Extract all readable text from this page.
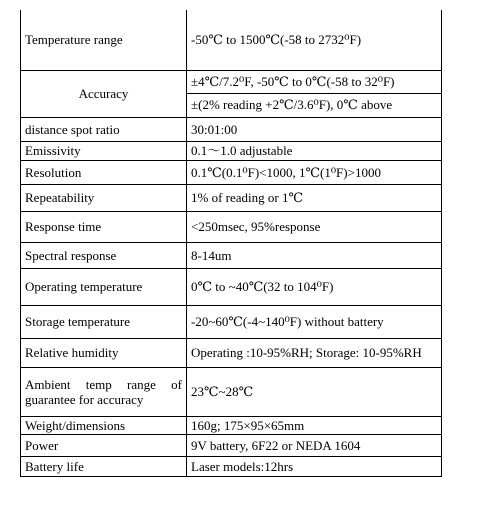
Temperature range	-50℃ to 1500℃(-58 to 2732⁰F)
Accuracy	±4℃/7.2⁰F, -50℃ to 0℃(-58 to 32⁰F)
±(2% reading +2℃/3.6⁰F), 0℃ above

distance spot ratio	30:01:00
Emissivity	0.1～1.0 adjustable
Resolution	0.1℃(0.1⁰F)<1000, 1℃(1⁰F)>1000
Repeatability	1% of reading or 1℃
Response time	<250msec, 95%response
Spectral response	8-14um
Operating temperature	0℃ to ~40℃(32 to 104⁰F)
Storage temperature	-20~60℃(-4~140⁰F) without battery
Relative humidity	Operating :10-95%RH; Storage: 10-95%RH
Ambient temp range of guarantee for accuracy	23℃~28℃
Weight/dimensions	160g; 175×95×65mm
Power	9V battery, 6F22 or NEDA 1604
Battery life	Laser models:12hrs
